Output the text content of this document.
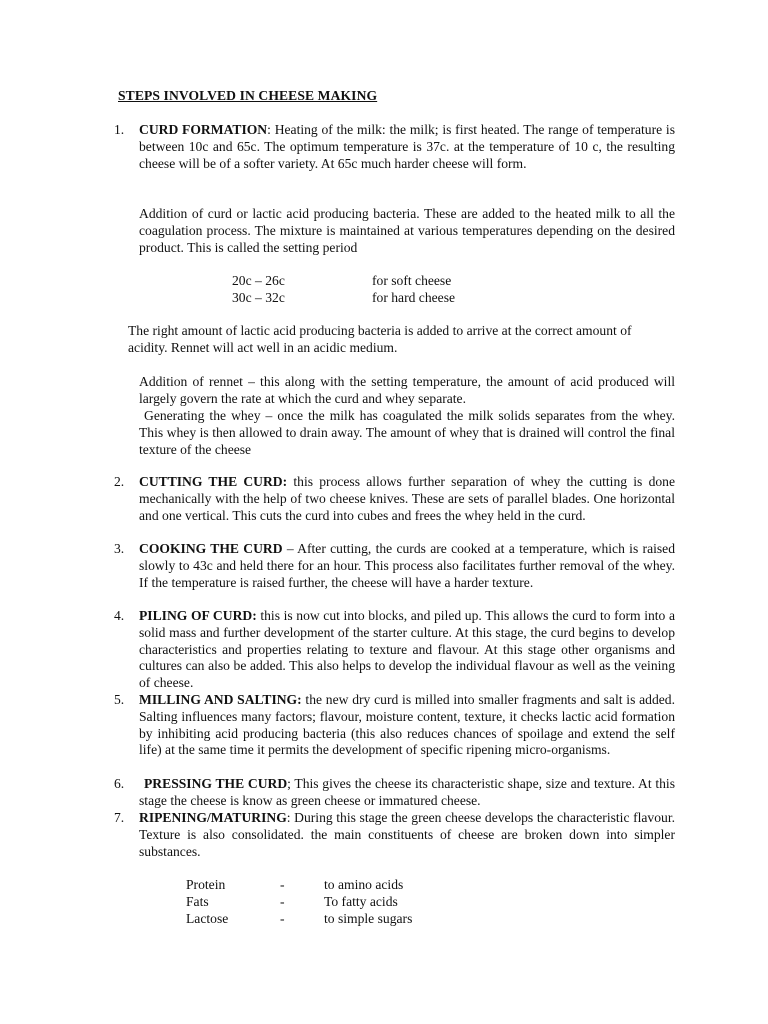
STEPS INVOLVED IN CHEESE MAKING
1.	CURD FORMATION: Heating of the milk: the milk; is first heated. The range of temperature is between 10c and 65c. The optimum temperature is 37c. at the temperature of 10 c, the resulting cheese will be of a softer variety. At 65c much harder cheese will form.

Addition of curd or lactic acid producing bacteria. These are added to the heated milk to all the coagulation process. The mixture is maintained at various temperatures depending on the desired product. This is called the setting period

20c – 26c	for soft cheese
30c – 32c	for hard cheese

The right amount of lactic acid producing bacteria is added to arrive at the correct amount of acidity. Rennet will act well in an acidic medium.

Addition of rennet – this along with the setting temperature, the amount of acid produced will largely govern the rate at which the curd and whey separate.

Generating the whey – once the milk has coagulated the milk solids separates from the whey. This whey is then allowed to drain away. The amount of whey that is drained will control the final texture of the cheese

2.	CUTTING THE CURD: this process allows further separation of whey the cutting is done mechanically with the help of two cheese knives. These are sets of parallel blades. One horizontal and one vertical. This cuts the curd into cubes and frees the whey held in the curd.

3.	COOKING THE CURD – After cutting, the curds are cooked at a temperature, which is raised slowly to 43c and held there for an hour. This process also facilitates further removal of the whey. If the temperature is raised further, the cheese will have a harder texture.

4.	PILING OF CURD: this is now cut into blocks, and piled up. This allows the curd to form into a solid mass and further development of the starter culture. At this stage, the curd begins to develop characteristics and properties relating to texture and flavour. At this stage other organisms and cultures can also be added. This also helps to develop the individual flavour as well as the veining of cheese.

5.	MILLING AND SALTING: the new dry curd is milled into smaller fragments and salt is added. Salting influences many factors; flavour, moisture content, texture, it checks lactic acid formation by inhibiting acid producing bacteria (this also reduces chances of spoilage and extend the self life) at the same time it permits the development of specific ripening micro-organisms.

6.	PRESSING THE CURD; This gives the cheese its characteristic shape, size and texture. At this stage the cheese is know as green cheese or immatured cheese.

7.	RIPENING/MATURING: During this stage the green cheese develops the characteristic flavour. Texture is also consolidated. the main constituents of cheese are broken down into simpler substances.

Protein	-	to amino acids
Fats	-	To fatty acids
Lactose	-	to simple sugars
